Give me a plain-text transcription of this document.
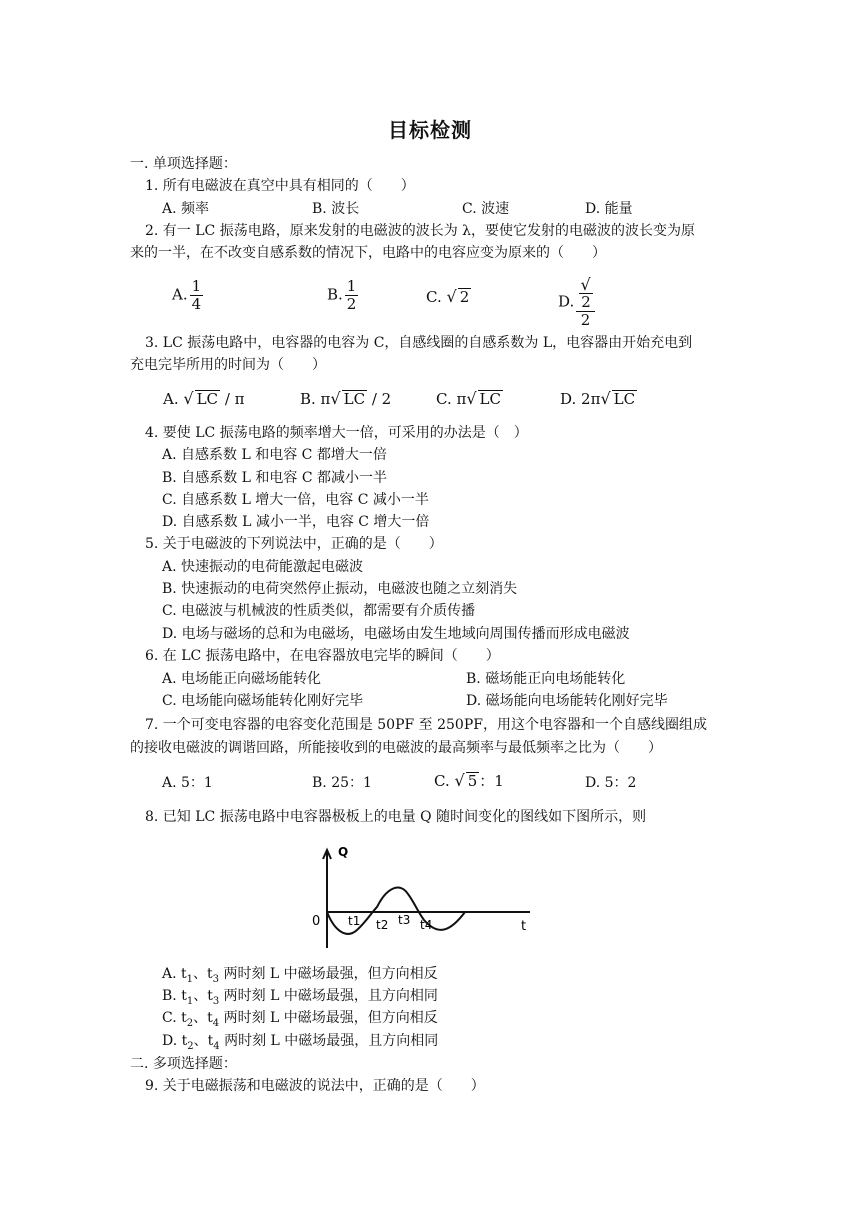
目标检测
一. 单项选择题：
1. 所有电磁波在真空中具有相同的（　　）
A. 频率	B. 波长	C. 波速	D. 能量
2. 有一 LC 振荡电路，原来发射的电磁波的波长为 λ，要使它发射的电磁波的波长变为原
来的一半，在不改变自感系数的情况下，电路中的电容应变为原来的（　　）
A. $\frac{1}{4}$	B. $\frac{1}{2}$	C. √ 2	D. √
2
2
3. LC 振荡电路中，电容器的电容为 C，自感线圈的自感系数为 L，电容器由开始充电到
充电完毕所用的时间为（　　）
A. √ LC / π	B. π√ LC / 2	C. π√ LC	D. 2π√ LC
4. 要使 LC 振荡电路的频率增大一倍，可采用的办法是（　）
A. 自感系数 L 和电容 C 都增大一倍
B. 自感系数 L 和电容 C 都减小一半
C. 自感系数 L 增大一倍，电容 C 减小一半
D. 自感系数 L 减小一半，电容 C 增大一倍
5. 关于电磁波的下列说法中，正确的是（　　）
A. 快速振动的电荷能激起电磁波
B. 快速振动的电荷突然停止振动，电磁波也随之立刻消失
C. 电磁波与机械波的性质类似，都需要有介质传播
D. 电场与磁场的总和为电磁场，电磁场由发生地域向周围传播而形成电磁波
6. 在 LC 振荡电路中，在电容器放电完毕的瞬间（　　）
A. 电场能正向磁场能转化	B. 磁场能正向电场能转化
C. 电场能向磁场能转化刚好完毕	D. 磁场能向电场能转化刚好完毕
7. 一个可变电容器的电容变化范围是 50PF 至 250PF，用这个电容器和一个自感线圈组成
的接收电磁波的调谐回路，所能接收到的电磁波的最高频率与最低频率之比为（　　）
A. 5：1	B. 25：1	C. √ 5 ：1	D. 5：2
8. 已知 LC 振荡电路中电容器极板上的电量 Q 随时间变化的图线如下图所示，则
Q
0	t
t1 t2 t3 t4
A. $t_1$、$t_3$ 两时刻 L 中磁场最强，但方向相反
B. $t_1$、$t_3$ 两时刻 L 中磁场最强，且方向相同
C. $t_2$、$t_4$ 两时刻 L 中磁场最强，但方向相反
D. $t_2$、$t_4$ 两时刻 L 中磁场最强，且方向相同
二. 多项选择题：
9. 关于电磁振荡和电磁波的说法中，正确的是（　　）
